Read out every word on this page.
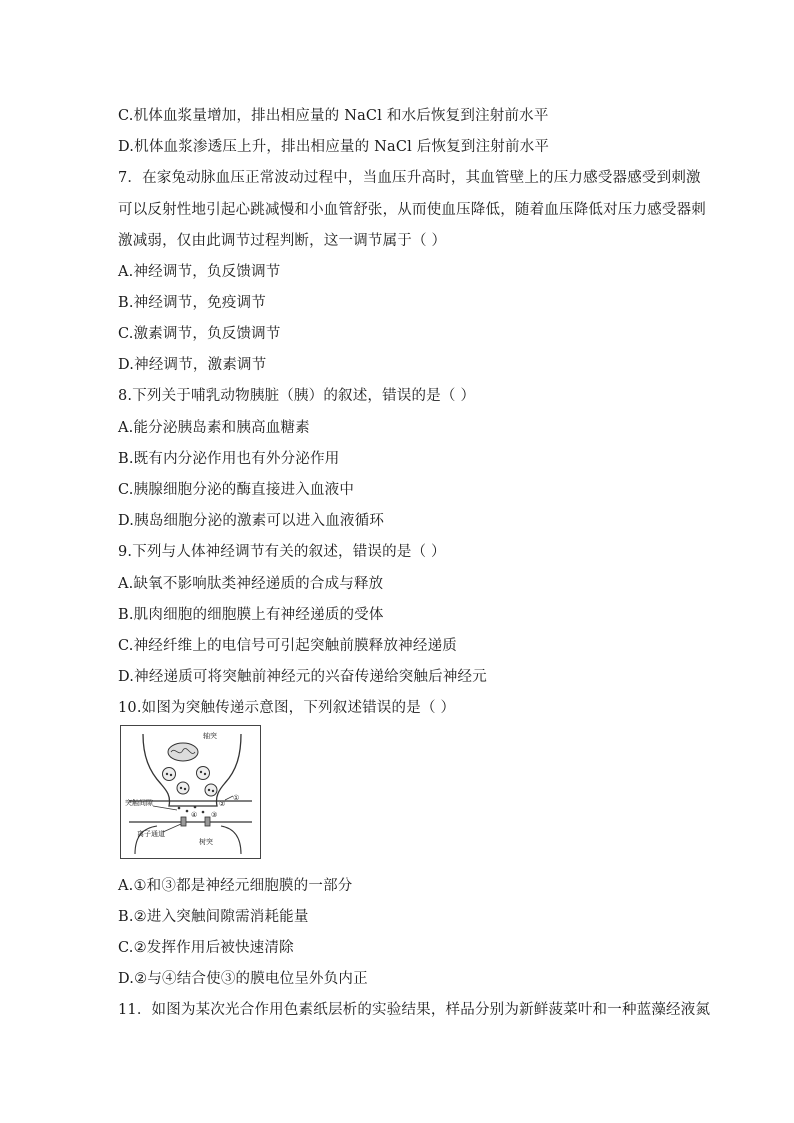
C.机体血浆量增加，排出相应量的 NaCl 和水后恢复到注射前水平
D.机体血浆渗透压上升，排出相应量的 NaCl 后恢复到注射前水平
7．在家兔动脉血压正常波动过程中，当血压升高时，其血管壁上的压力感受器感受到刺激
可以反射性地引起心跳减慢和小血管舒张，从而使血压降低，随着血压降低对压力感受器刺
激减弱，仅由此调节过程判断，这一调节属于（ ）
A.神经调节，负反馈调节
B.神经调节，免疫调节
C.激素调节，负反馈调节
D.神经调节，激素调节
8.下列关于哺乳动物胰脏（胰）的叙述，错误的是（ ）
A.能分泌胰岛素和胰高血糖素
B.既有内分泌作用也有外分泌作用
C.胰腺细胞分泌的酶直接进入血液中
D.胰岛细胞分泌的激素可以进入血液循环
9.下列与人体神经调节有关的叙述，错误的是（ ）
A.缺氧不影响肽类神经递质的合成与释放
B.肌肉细胞的细胞膜上有神经递质的受体
C.神经纤维上的电信号可引起突触前膜释放神经递质
D.神经递质可将突触前神经元的兴奋传递给突触后神经元
10.如图为突触传递示意图，下列叙述错误的是（ ）
轴突
突触间隙
离子通道
树突
①
②
③
④
A.①和③都是神经元细胞膜的一部分
B.②进入突触间隙需消耗能量
C.②发挥作用后被快速清除
D.②与④结合使③的膜电位呈外负内正
11．如图为某次光合作用色素纸层析的实验结果，样品分别为新鲜菠菜叶和一种蓝藻经液氮
